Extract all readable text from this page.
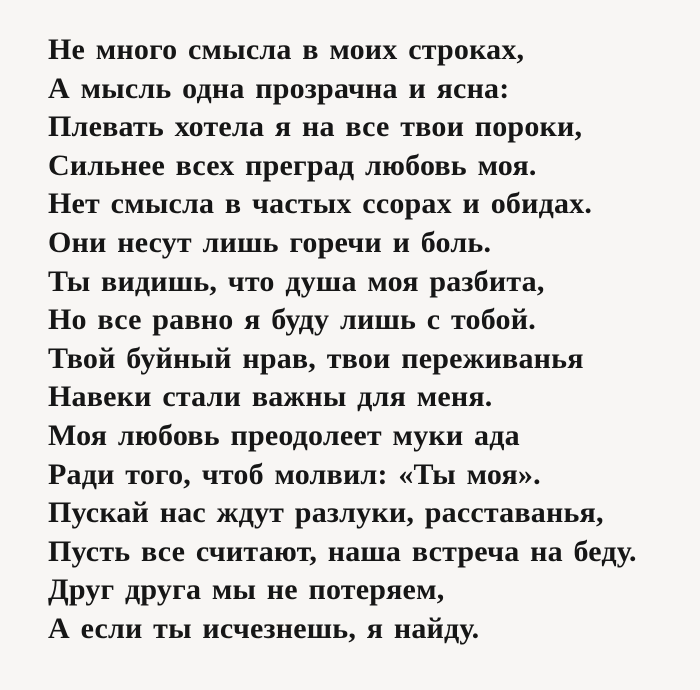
Не много смысла в моих строках,
А мысль одна прозрачна и ясна:
Плевать хотела я на все твои пороки,
Сильнее всех преград любовь моя.
Нет смысла в частых ссорах и обидах.
Они несут лишь горечи и боль.
Ты видишь, что душа моя разбита,
Но все равно я буду лишь с тобой.
Твой буйный нрав, твои переживанья
Навеки стали важны для меня.
Моя любовь преодолеет муки ада
Ради того, чтоб молвил: «Ты моя».
Пускай нас ждут разлуки, расставанья,
Пусть все считают, наша встреча на беду.
Друг друга мы не потеряем,
А если ты исчезнешь, я найду.
